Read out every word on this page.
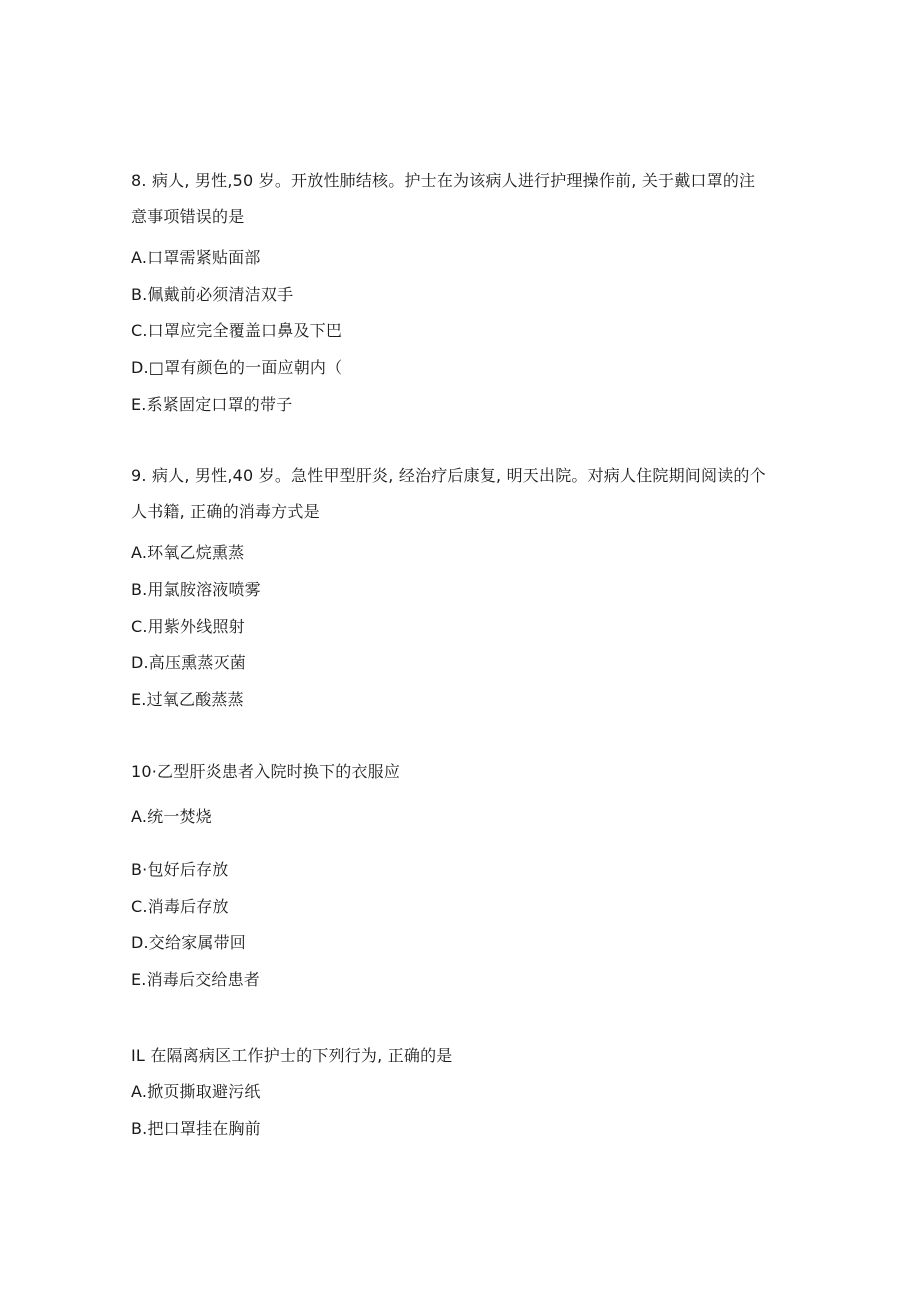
8. 病人, 男性,50 岁。开放性肺结核。护士在为该病人进行护理操作前, 关于戴口罩的注
意事项错误的是
A.口罩需紧贴面部
B.佩戴前必须清洁双手
C.口罩应完全覆盖口鼻及下巴
D.□罩有颜色的一面应朝内（
E.系紧固定口罩的带子
9. 病人, 男性,40 岁。急性甲型肝炎, 经治疗后康复, 明天出院。对病人住院期间阅读的个
人书籍, 正确的消毒方式是
A.环氧乙烷熏蒸
B.用氯胺溶液喷雾
C.用紫外线照射
D.高压熏蒸灭菌
E.过氧乙酸蒸蒸
10·乙型肝炎患者入院时换下的衣服应
A.统一焚烧
B·包好后存放
C.消毒后存放
D.交给家属带回
E.消毒后交给患者
IL 在隔离病区工作护士的下列行为, 正确的是
A.掀页撕取避污纸
B.把口罩挂在胸前
